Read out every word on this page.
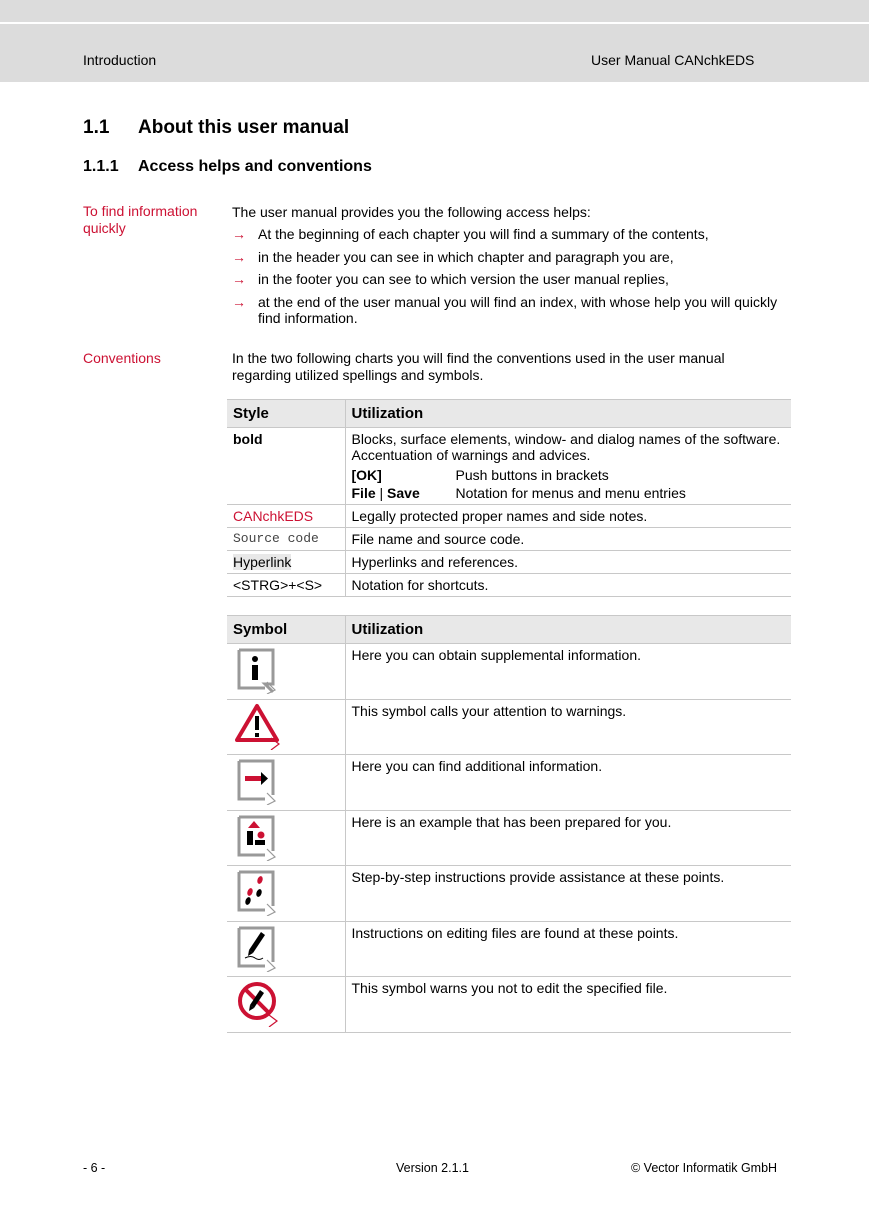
Introduction	User Manual CANchkEDS
1.1 About this user manual
1.1.1 Access helps and conventions
To find information quickly
The user manual provides you the following access helps:
→ At the beginning of each chapter you will find a summary of the contents,
→ in the header you can see in which chapter and paragraph you are,
→ in the footer you can see to which version the user manual replies,
→ at the end of the user manual you will find an index, with whose help you will quickly find information.
Conventions	In the two following charts you will find the conventions used in the user manual regarding utilized spellings and symbols.
Style	Utilization
bold	Blocks, surface elements, window- and dialog names of the software. Accentuation of warnings and advices.
[OK] Push buttons in brackets
File | Save Notation for menus and menu entries

CANchkEDS	Legally protected proper names and side notes.
Source code	File name and source code.
Hyperlink	Hyperlinks and references.
<STRG>+<S>	Notation for shortcuts.
Symbol	Utilization

	Here you can obtain supplemental information.

	This symbol calls your attention to warnings.

	Here you can find additional information.

	Here is an example that has been prepared for you.

	Step-by-step instructions provide assistance at these points.

	Instructions on editing files are found at these points.

	This symbol warns you not to edit the specified file.
- 6 -	Version 2.1.1	© Vector Informatik GmbH
